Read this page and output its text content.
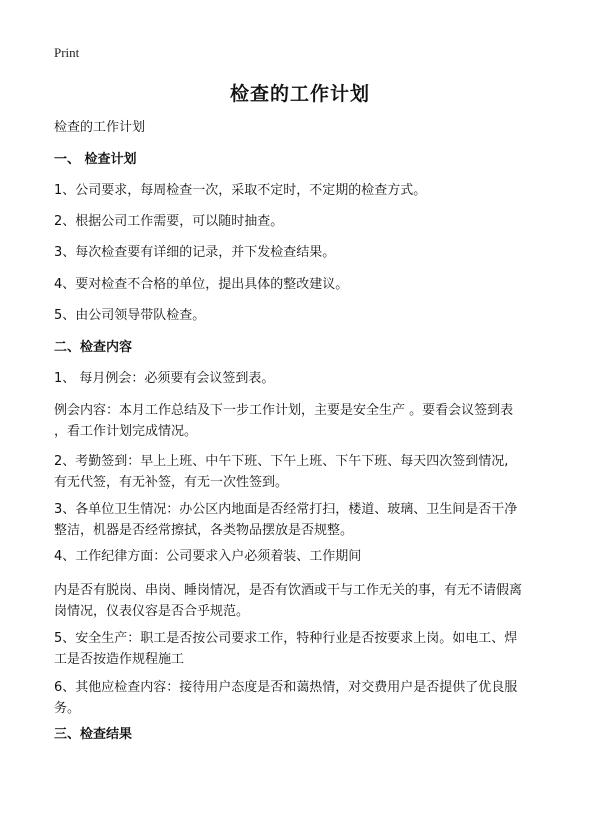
Print
检查的工作计划
检查的工作计划
一、 检查计划
1、公司要求，每周检查一次，采取不定时，不定期的检查方式。
2、根据公司工作需要，可以随时抽查。
3、每次检查要有详细的记录，并下发检查结果。
4、要对检查不合格的单位，提出具体的整改建议。
5、由公司领导带队检查。
二、检查内容
1、 每月例会：必须要有会议签到表。
例会内容：本月工作总结及下一步工作计划，主要是安全生产 。要看会议签到表
，看工作计划完成情况。
2、考勤签到：早上上班、中午下班、下午上班、下午下班、每天四次签到情况,
有无代签，有无补签，有无一次性签到。
3、各单位卫生情况：办公区内地面是否经常打扫，楼道、玻璃、卫生间是否干净
整洁，机器是否经常擦拭，各类物品摆放是否规整。
4、工作纪律方面：公司要求入户必须着装、工作期间
内是否有脱岗、串岗、睡岗情况，是否有饮酒或干与工作无关的事，有无不请假离
岗情况，仪表仪容是否合乎规范。
5、安全生产：职工是否按公司要求工作，特种行业是否按要求上岗。如电工、焊
工是否按造作规程施工
6、其他应检查内容：接待用户态度是否和蔼热情，对交费用户是否提供了优良服
务。
三、检查结果
